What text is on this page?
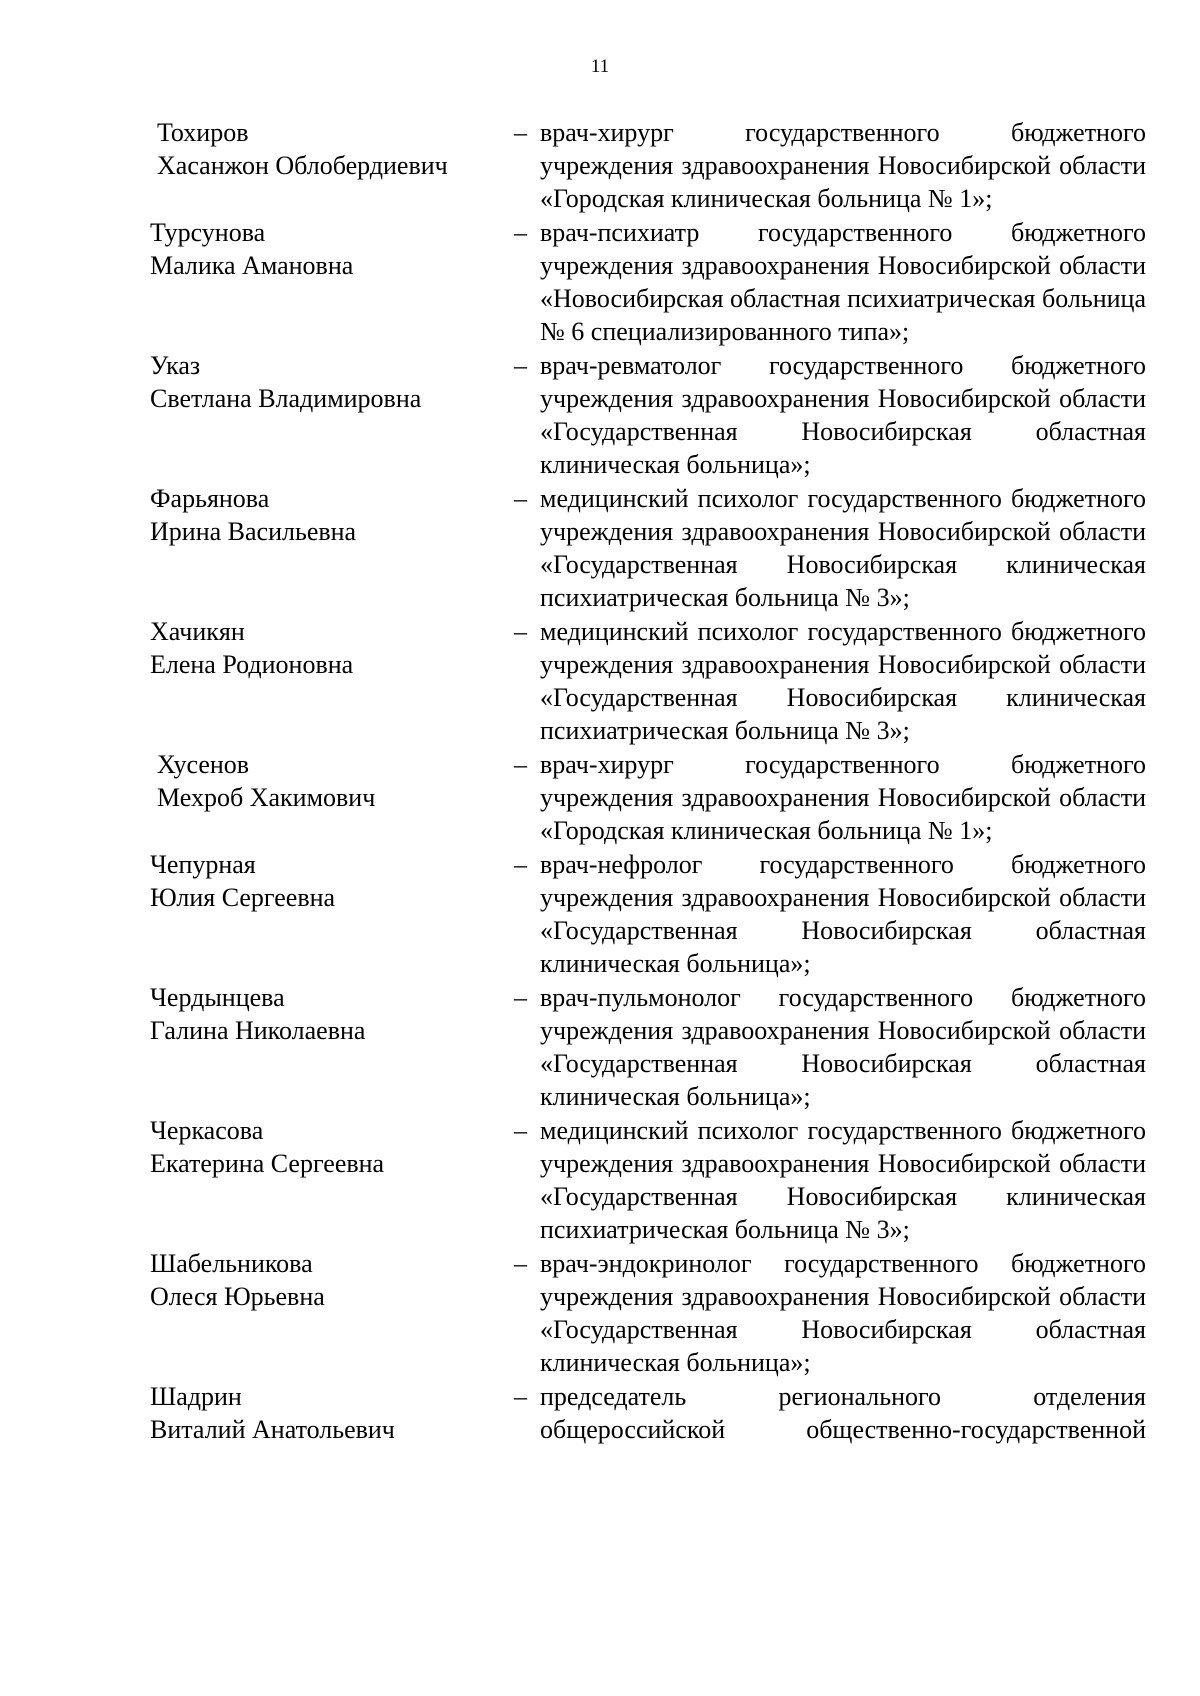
11
Тохиров
Хасанжон Облобердиевич
– врач-хирург государственного бюджетного учреждения здравоохранения Новосибирской области «Городская клиническая больница № 1»;
Турсунова
Малика Амановна
– врач-психиатр государственного бюджетного учреждения здравоохранения Новосибирской области «Новосибирская областная психиатрическая больница № 6 специализированного типа»;
Указ
Светлана Владимировна
– врач-ревматолог государственного бюджетного учреждения здравоохранения Новосибирской области «Государственная Новосибирская областная клиническая больница»;
Фарьянова
Ирина Васильевна
– медицинский психолог государственного бюджетного учреждения здравоохранения Новосибирской области «Государственная Новосибирская клиническая психиатрическая больница № 3»;
Хачикян
Елена Родионовна
– медицинский психолог государственного бюджетного учреждения здравоохранения Новосибирской области «Государственная Новосибирская клиническая психиатрическая больница № 3»;
Хусенов
Мехроб Хакимович
– врач-хирург государственного бюджетного учреждения здравоохранения Новосибирской области «Городская клиническая больница № 1»;
Чепурная
Юлия Сергеевна
– врач-нефролог государственного бюджетного учреждения здравоохранения Новосибирской области «Государственная Новосибирская областная клиническая больница»;
Чердынцева
Галина Николаевна
– врач-пульмонолог государственного бюджетного учреждения здравоохранения Новосибирской области «Государственная Новосибирская областная клиническая больница»;
Черкасова
Екатерина Сергеевна
– медицинский психолог государственного бюджетного учреждения здравоохранения Новосибирской области «Государственная Новосибирская клиническая психиатрическая больница № 3»;
Шабельникова
Олеся Юрьевна
– врач-эндокринолог государственного бюджетного учреждения здравоохранения Новосибирской области «Государственная Новосибирская областная клиническая больница»;
Шадрин
Виталий Анатольевич
– председатель регионального отделения общероссийской общественно-государственной
